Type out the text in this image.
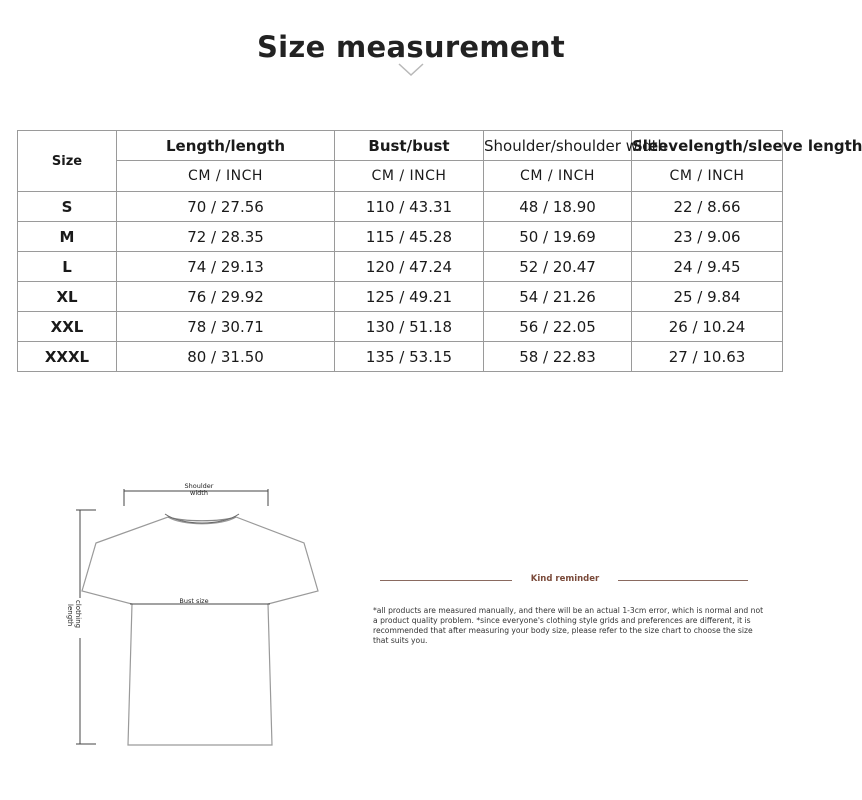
Size measurement
Size	Length/length	Bust/bust	Shoulder/shoulder width	Sleevelength/sleeve length
	CM / INCH	CM / INCH	CM / INCH	CM / INCH
S	70 / 27.56	110 / 43.31	48 / 18.90	22 / 8.66
M	72 / 28.35	115 / 45.28	50 / 19.69	23 / 9.06
L	74 / 29.13	120 / 47.24	52 / 20.47	24 / 9.45
XL	76 / 29.92	125 / 49.21	54 / 21.26	25 / 9.84
XXL	78 / 30.71	130 / 51.18	56 / 22.05	26 / 10.24
XXXL	80 / 31.50	135 / 53.15	58 / 22.83	27 / 10.63
Shoulder
width
Bust size
clothing
length
Kind reminder
*all products are measured manually, and there will be an actual 1-3cm error, which is normal and not a product quality problem. *since everyone's clothing style grids and preferences are different, it is recommended that after measuring your body size, please refer to the size chart to choose the size that suits you.
